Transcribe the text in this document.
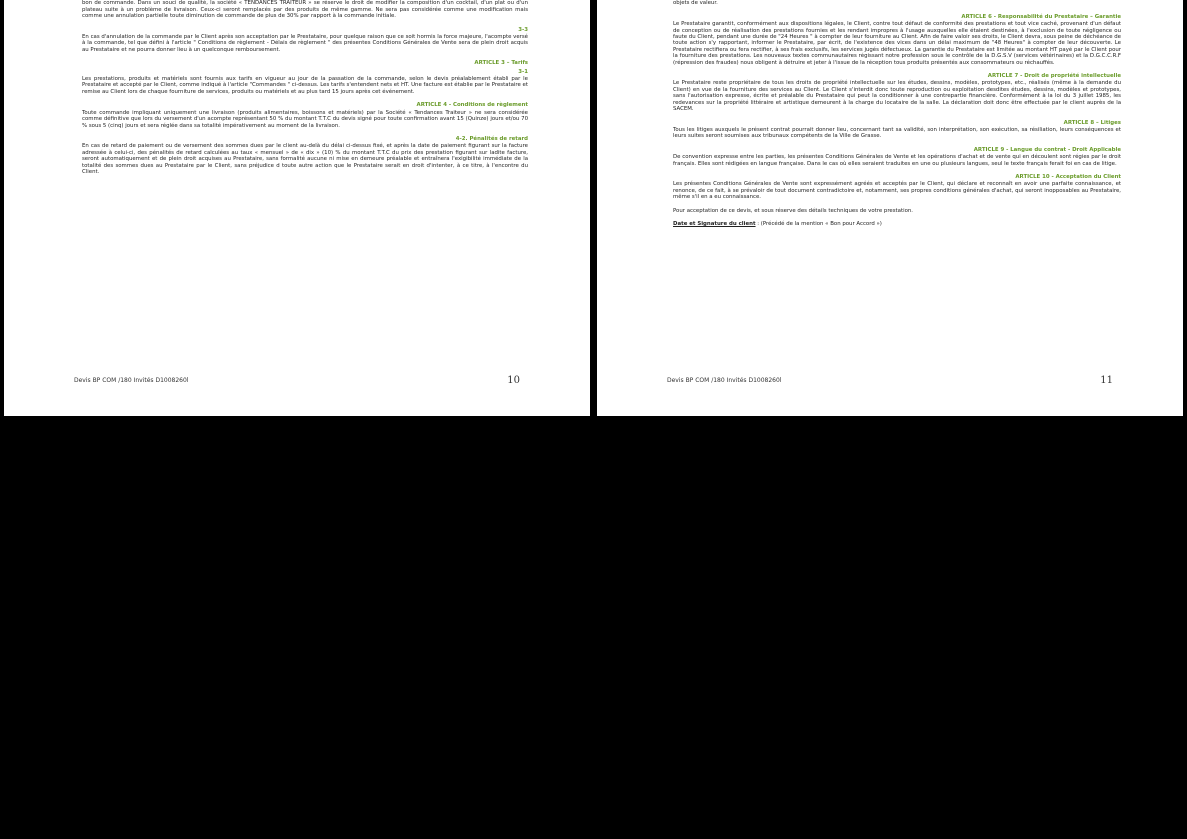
bon de commande. Dans un souci de qualité, la société « TENDANCES TRAITEUR » se réserve le droit de modifier la composition d'un cocktail, d'un plat ou d'un plateau suite à un problème de livraison. Ceux-ci seront remplacés par des produits de même gamme. Ne sera pas considérée comme une modification mais comme une annulation partielle toute diminution de commande de plus de 30% par rapport à la commande initiale.

3-3

En cas d'annulation de la commande par le Client après son acceptation par le Prestataire, pour quelque raison que ce soit hormis la force majeure, l'acompte versé à la commande, tel que défini à l'article " Conditions de règlement - Délais de règlement " des présentes Conditions Générales de Vente sera de plein droit acquis au Prestataire et ne pourra donner lieu à un quelconque remboursement.

ARTICLE 3 – Tarifs
3-1

Les prestations, produits et matériels sont fournis aux tarifs en vigueur au jour de la passation de la commande, selon le devis préalablement établi par le Prestataire et accepté par le Client, comme indiqué à l'article "Commandes " ci-dessus. Les tarifs s'entendent nets et HT. Une facture est établie par le Prestataire et remise au Client lors de chaque fourniture de services, produits ou matériels et au plus tard 15 jours après cet événement.

ARTICLE 4 - Conditions de règlement

Toute commande impliquant uniquement une livraison (produits alimentaires, boissons et matériels) par la Société « Tendances Traiteur » ne sera considérée comme définitive que lors du versement d'un acompte représentant 50 % du montant T.T.C du devis signé pour toute confirmation avant 15 (Quinze) jours et/ou 70 % sous 5 (cinq) jours et sera réglée dans sa totalité impérativement au moment de la livraison.

4-2. Pénalités de retard

En cas de retard de paiement ou de versement des sommes dues par le client au-delà du délai ci-dessus fixé, et après la date de paiement figurant sur la facture adressée à celui-ci, des pénalités de retard calculées au taux « mensuel » de « dix » (10) % du montant T.T.C du prix des prestation figurant sur ladite facture, seront automatiquement et de plein droit acquises au Prestataire, sans formalité aucune ni mise en demeure préalable et entraînera l'exigibilité immédiate de la totalité des sommes dues au Prestataire par le Client, sans préjudice d toute autre action que le Prestataire serait en droit d'intenter, à ce titre, à l'encontre du Client.

Devis BP COM /180 Invités D1008260l	10

objets de valeur.

ARTICLE 6 - Responsabilité du Prestataire – Garantie

Le Prestataire garantit, conformément aux dispositions légales, le Client, contre tout défaut de conformité des prestations et tout vice caché, provenant d'un défaut de conception ou de réalisation des prestations fournies et les rendant impropres à l'usage auxquelles elle étaient destinées, à l'exclusion de toute négligence ou faute du Client, pendant une durée de "24 Heures " à compter de leur fourniture au Client. Afin de faire valoir ses droits, le Client devra, sous peine de déchéance de toute action s'y rapportant, informer le Prestataire, par écrit, de l'existence des vices dans un délai maximum de "48 Heures" à compter de leur découverte. Le Prestataire rectifiera ou fera rectifier, à ses frais exclusifs, les services jugés défectueux. La garantie du Prestataire est limitée au montant HT payé par le Client pour la fourniture des prestations. Les nouveaux textes communautaires régissant notre profession sous le contrôle de la D.G.S.V (services vétérinaires) et la D.G.C.C.R.F (répression des fraudes) nous obligent à détruire et jeter à l'issue de la réception tous produits présentés aux consommateurs ou réchauffés.

ARTICLE 7 - Droit de propriété intellectuelle

Le Prestataire reste propriétaire de tous les droits de propriété intellectuelle sur les études, dessins, modèles, prototypes, etc., réalisés (même à la demande du Client) en vue de la fourniture des services au Client. Le Client s'interdit donc toute reproduction ou exploitation desdites études, dessins, modèles et prototypes, sans l'autorisation expresse, écrite et préalable du Prestataire qui peut la conditionner à une contrepartie financière. Conformément à la loi du 3 juillet 1985, les redevances sur la propriété littéraire et artistique demeurent à la charge du locataire de la salle. La déclaration doit donc être effectuée par le client auprès de la SACEM.

ARTICLE 8 – Litiges

Tous les litiges auxquels le présent contrat pourrait donner lieu, concernant tant sa validité, son interprétation, son exécution, sa résiliation, leurs conséquences et leurs suites seront soumises aux tribunaux compétents de la Ville de Grasse.

ARTICLE 9 - Langue du contrat - Droit Applicable

De convention expresse entre les parties, les présentes Conditions Générales de Vente et les opérations d'achat et de vente qui en découlent sont régies par le droit français. Elles sont rédigées en langue française. Dans le cas où elles seraient traduites en une ou plusieurs langues, seul le texte français ferait foi en cas de litige.

ARTICLE 10 - Acceptation du Client

Les présentes Conditions Générales de Vente sont expressément agréés et acceptés par le Client, qui déclare et reconnaît en avoir une parfaite connaissance, et renonce, de ce fait, à se prévaloir de tout document contradictoire et, notamment, ses propres conditions générales d'achat, qui seront inopposables au Prestataire, même s'il en a eu connaissance.

Pour acceptation de ce devis, et sous réserve des détails techniques de votre prestation.

Date et Signature du client : (Précédé de la mention « Bon pour Accord »)

Devis BP COM /180 Invités D1008260l	11
